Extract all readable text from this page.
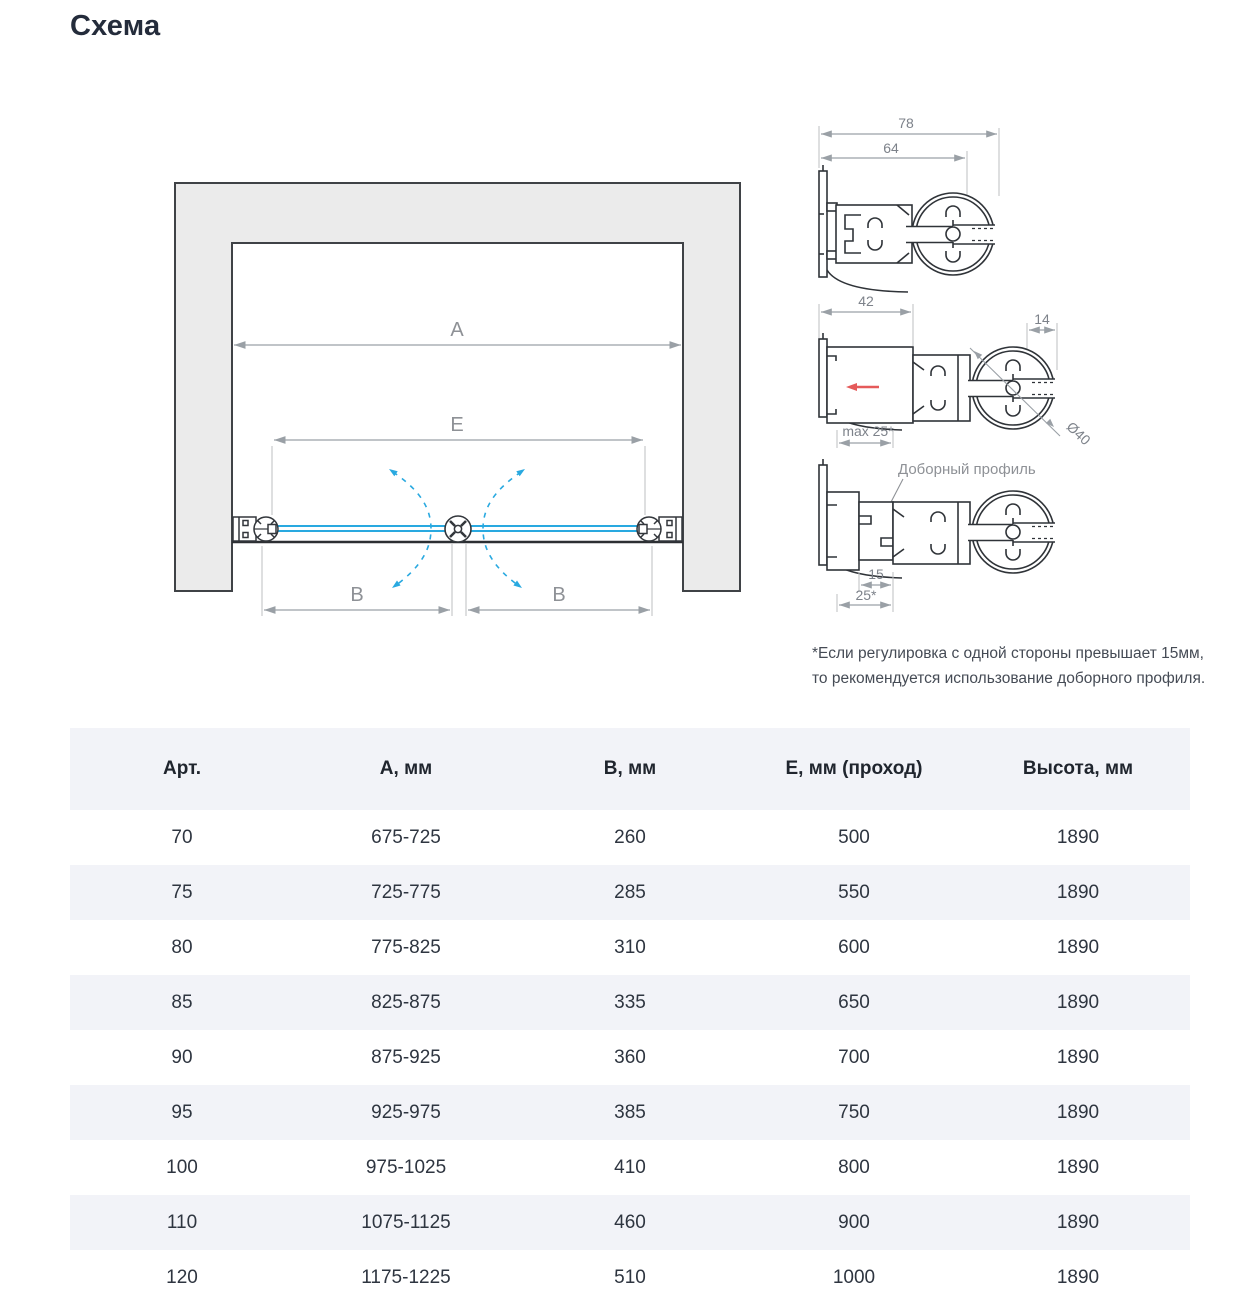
Схема
A
E
B	B
78
64
42
14
max 25*	Ø40
Доборный профиль
15
25*
*Если регулировка с одной стороны превышает 15мм,
то рекомендуется использование доборного профиля.
Арт.	А, мм	В, мм	Е, мм (проход)	Высота, мм
70	675-725	260	500	1890
75	725-775	285	550	1890
80	775-825	310	600	1890
85	825-875	335	650	1890
90	875-925	360	700	1890
95	925-975	385	750	1890
100	975-1025	410	800	1890
110	1075-1125	460	900	1890
120	1175-1225	510	1000	1890
